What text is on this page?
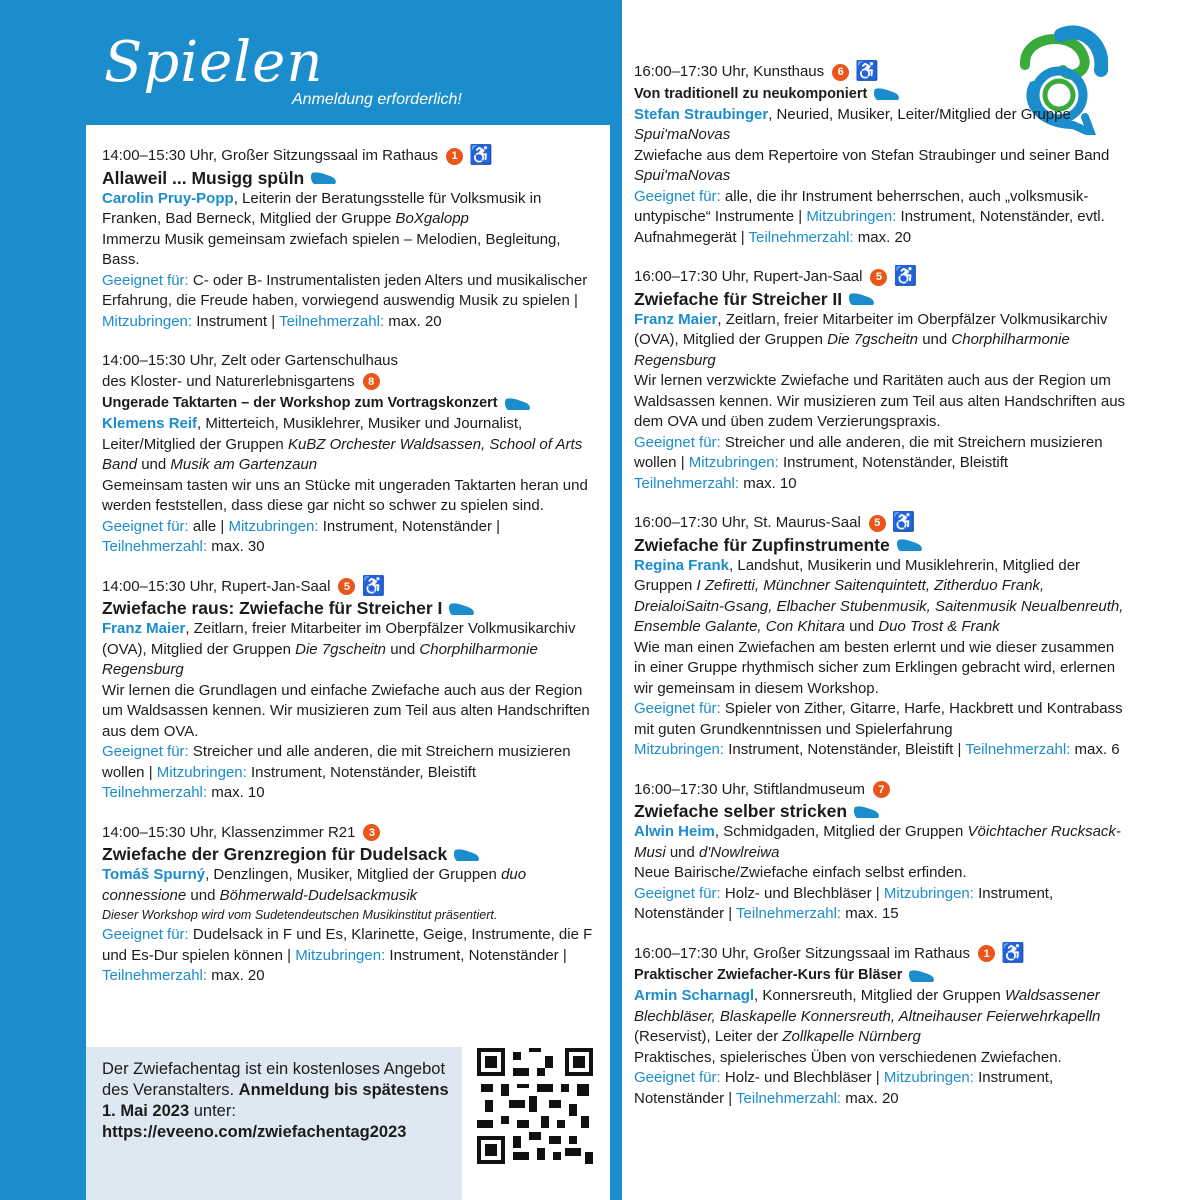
Spielen
Anmeldung erforderlich!
14:00–15:30 Uhr, Großer Sitzungssaal im Rathaus	1 ♿
Allaweil ... Musigg spüln
Carolin Pruy-Popp, Leiterin der Beratungsstelle für Volksmusik in Franken, Bad Berneck, Mitglied der Gruppe BoXgalopp
Immerzu Musik gemeinsam zwiefach spielen – Melodien, Begleitung, Bass.
Geeignet für: C- oder B- Instrumentalisten jeden Alters und musikalischer Erfahrung, die Freude haben, vorwiegend auswendig Musik zu spielen | Mitzubringen: Instrument | Teilnehmerzahl: max. 20
14:00–15:30 Uhr, Zelt oder Gartenschulhaus
des Kloster- und Naturerlebnisgartens	8
Ungerade Taktarten – der Workshop zum Vortragskonzert
Klemens Reif, Mitterteich, Musiklehrer, Musiker und Journalist, Leiter/Mitglied der Gruppen KuBZ Orchester Waldsassen, School of Arts Band und Musik am Gartenzaun
Gemeinsam tasten wir uns an Stücke mit ungeraden Taktarten heran und werden feststellen, dass diese gar nicht so schwer zu spielen sind.
Geeignet für: alle | Mitzubringen: Instrument, Notenständer | Teilnehmerzahl: max. 30
14:00–15:30 Uhr, Rupert-Jan-Saal	5 ♿
Zwiefache raus: Zwiefache für Streicher I
Franz Maier, Zeitlarn, freier Mitarbeiter im Oberpfälzer Volkmusikarchiv (OVA), Mitglied der Gruppen Die 7gscheitn und Chorphilharmonie Regensburg
Wir lernen die Grundlagen und einfache Zwiefache auch aus der Region um Waldsassen kennen. Wir musizieren zum Teil aus alten Handschriften aus dem OVA.
Geeignet für: Streicher und alle anderen, die mit Streichern musizieren wollen | Mitzubringen: Instrument, Notenständer, Bleistift
Teilnehmerzahl: max. 10
14:00–15:30 Uhr, Klassenzimmer R21	3
Zwiefache der Grenzregion für Dudelsack
Tomáš Spurný, Denzlingen, Musiker, Mitglied der Gruppen duo connessione und Böhmerwald-Dudelsackmusik
Dieser Workshop wird vom Sudetendeutschen Musikinstitut präsentiert.
Geeignet für: Dudelsack in F und Es, Klarinette, Geige, Instrumente, die F und Es-Dur spielen können | Mitzubringen: Instrument, Notenständer | Teilnehmerzahl: max. 20
Der Zwiefachentag ist ein kostenloses Angebot des Veranstalters. Anmeldung bis spätestens 1. Mai 2023 unter:
https://eveeno.com/zwiefachentag2023
16:00–17:30 Uhr, Kunsthaus	6 ♿
Von traditionell zu neukomponiert
Stefan Straubinger, Neuried, Musiker, Leiter/Mitglied der Gruppe Spui'maNovas
Zwiefache aus dem Repertoire von Stefan Straubinger und seiner Band Spui'maNovas
Geeignet für: alle, die ihr Instrument beherrschen, auch „volksmusik-untypische“ Instrumente | Mitzubringen: Instrument, Notenständer, evtl. Aufnahmegerät | Teilnehmerzahl: max. 20
16:00–17:30 Uhr, Rupert-Jan-Saal	5 ♿
Zwiefache für Streicher II
Franz Maier, Zeitlarn, freier Mitarbeiter im Oberpfälzer Volkmusikarchiv (OVA), Mitglied der Gruppen Die 7gscheitn und Chorphilharmonie Regensburg
Wir lernen verzwickte Zwiefache und Raritäten auch aus der Region um Waldsassen kennen. Wir musizieren zum Teil aus alten Handschriften aus dem OVA und üben zudem Verzierungspraxis.
Geeignet für: Streicher und alle anderen, die mit Streichern musizieren wollen | Mitzubringen: Instrument, Notenständer, Bleistift
Teilnehmerzahl: max. 10
16:00–17:30 Uhr, St. Maurus-Saal	5 ♿
Zwiefache für Zupfinstrumente
Regina Frank, Landshut, Musikerin und Musiklehrerin, Mitglied der Gruppen I Zefiretti, Münchner Saitenquintett, Zitherduo Frank, DreialoiSaitn-Gsang, Elbacher Stubenmusik, Saitenmusik Neualbenreuth, Ensemble Galante, Con Khitara und Duo Trost & Frank
Wie man einen Zwiefachen am besten erlernt und wie dieser zusammen in einer Gruppe rhythmisch sicher zum Erklingen gebracht wird, erlernen wir gemeinsam in diesem Workshop.
Geeignet für: Spieler von Zither, Gitarre, Harfe, Hackbrett und Kontrabass mit guten Grundkenntnissen und Spielerfahrung
Mitzubringen: Instrument, Notenständer, Bleistift | Teilnehmerzahl: max. 6
16:00–17:30 Uhr, Stiftlandmuseum	7
Zwiefache selber stricken
Alwin Heim, Schmidgaden, Mitglied der Gruppen Vöichtacher Rucksack-Musi und d'Nowlreiwa
Neue Bairische/Zwiefache einfach selbst erfinden.
Geeignet für: Holz- und Blechbläser | Mitzubringen: Instrument, Notenständer | Teilnehmerzahl: max. 15
16:00–17:30 Uhr, Großer Sitzungssaal im Rathaus	1 ♿
Praktischer Zwiefacher-Kurs für Bläser
Armin Scharnagl, Konnersreuth, Mitglied der Gruppen Waldsassener Blechbläser, Blaskapelle Konnersreuth, Altneihauser Feierwehrkapelln (Reservist), Leiter der Zollkapelle Nürnberg
Praktisches, spielerisches Üben von verschiedenen Zwiefachen.
Geeignet für: Holz- und Blechbläser | Mitzubringen: Instrument, Notenständer | Teilnehmerzahl: max. 20
